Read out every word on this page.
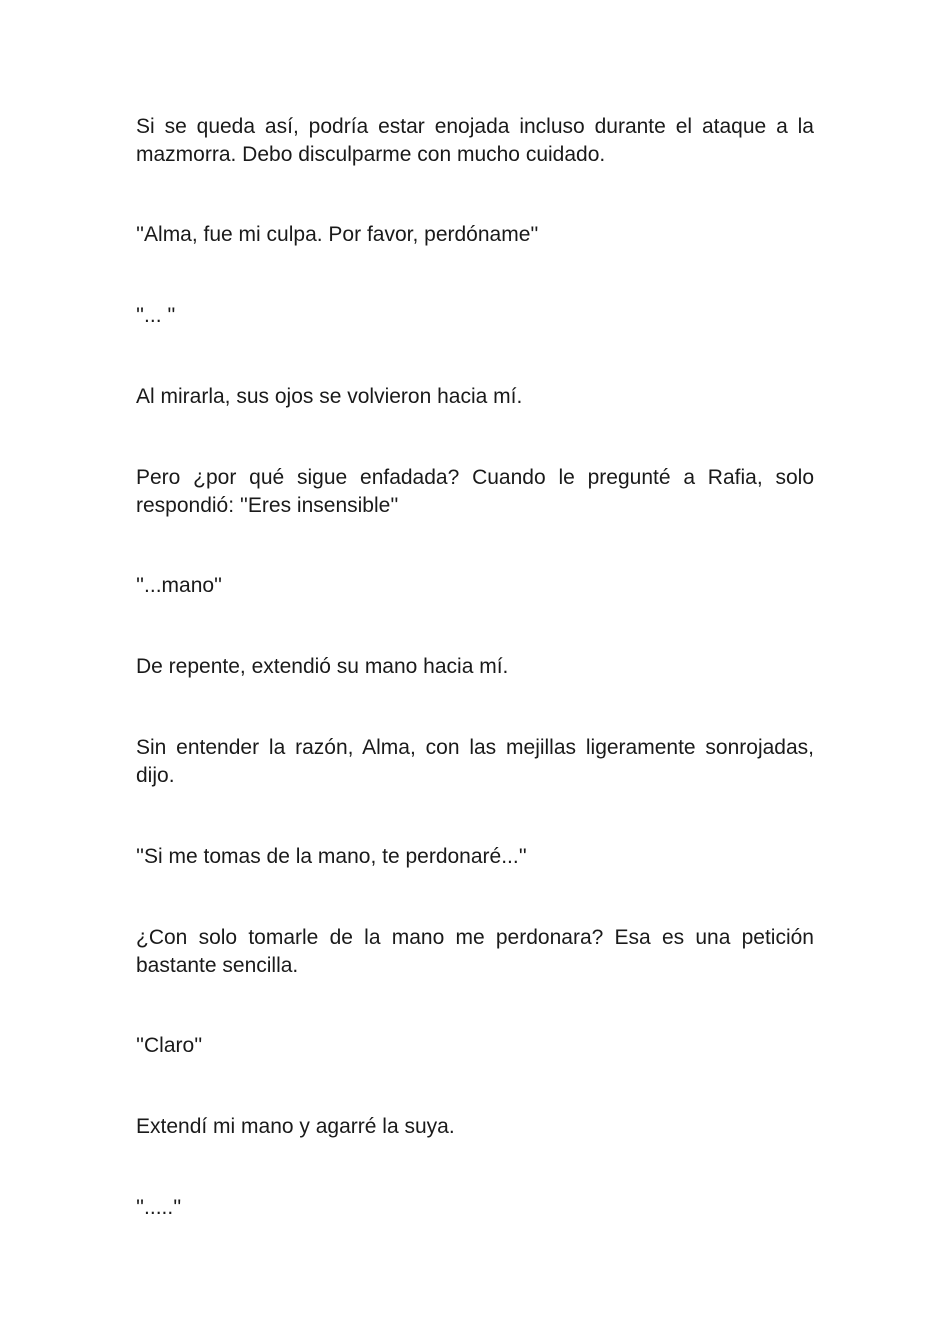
Si se queda así, podría estar enojada incluso durante el ataque a la mazmorra. Debo disculparme con mucho cuidado.

''Alma, fue mi culpa. Por favor, perdóname''

''... ''

Al mirarla, sus ojos se volvieron hacia mí.

Pero ¿por qué sigue enfadada? Cuando le pregunté a Rafia, solo respondió: ''Eres insensible''

''...mano''

De repente, extendió su mano hacia mí.

Sin entender la razón, Alma, con las mejillas ligeramente sonrojadas, dijo.

''Si me tomas de la mano, te perdonaré...''

¿Con solo tomarle de la mano me perdonara? Esa es una petición bastante sencilla.

''Claro''

Extendí mi mano y agarré la suya.

''.....''
